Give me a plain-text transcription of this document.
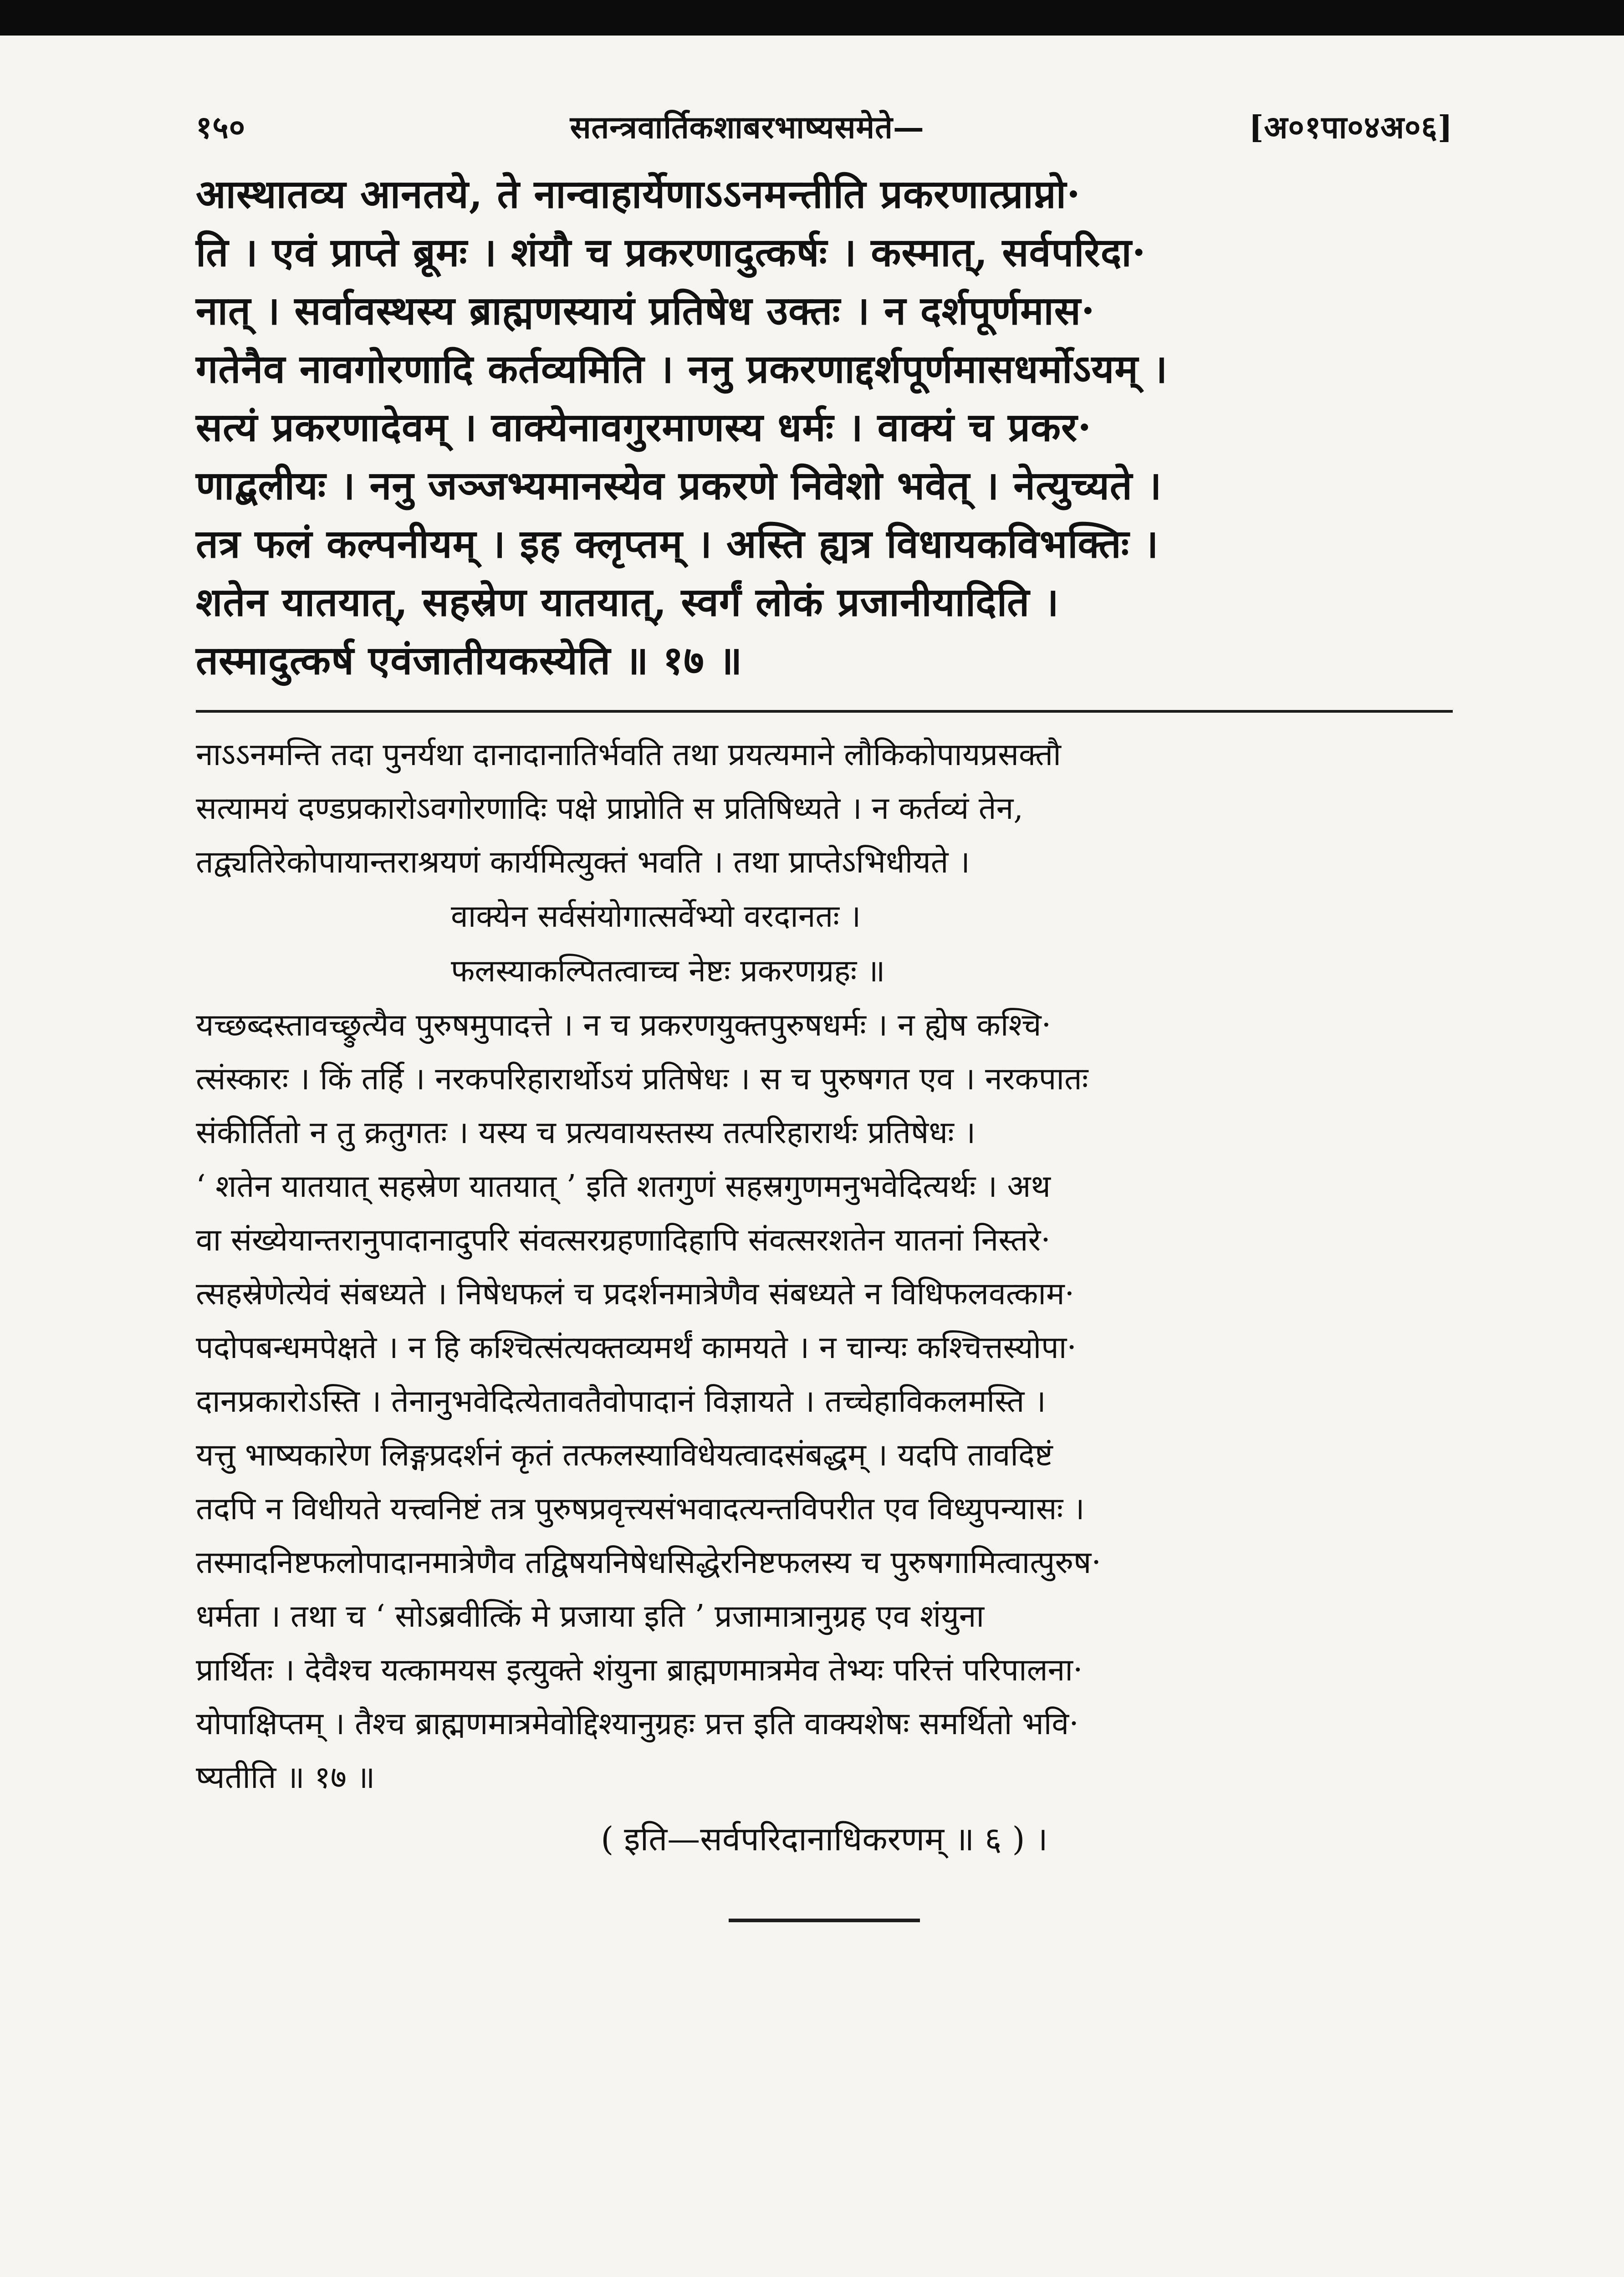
१५०	सतन्त्रवार्तिकशाबरभाष्यसमेते—	[अ०१पा०४अ०६]
आस्थातव्य आनतये, ते नान्वाहार्येणाऽऽनमन्तीति प्रकरणात्प्राप्नो·
ति । एवं प्राप्ते ब्रूमः । शंयौ च प्रकरणादुत्कर्षः । कस्मात्, सर्वपरिदा·
नात् । सर्वावस्थस्य ब्राह्मणस्यायं प्रतिषेध उक्तः । न दर्शपूर्णमास·
गतेनैव नावगोरणादि कर्तव्यमिति । ननु प्रकरणाद्दर्शपूर्णमासधर्मोऽयम् ।
सत्यं प्रकरणादेवम् । वाक्येनावगुरमाणस्य धर्मः । वाक्यं च प्रकर·
णाद्बलीयः । ननु जञ्जभ्यमानस्येव प्रकरणे निवेशो भवेत् । नेत्युच्यते ।
तत्र फलं कल्पनीयम् । इह क्लृप्तम् । अस्ति ह्यत्र विधायकविभक्तिः ।
शतेन यातयात्, सहस्रेण यातयात्, स्वर्गं लोकं प्रजानीयादिति ।
तस्मादुत्कर्ष एवंजातीयकस्येति ॥ १७ ॥
नाऽऽनमन्ति तदा पुनर्यथा दानादानातिर्भवति तथा प्रयत्यमाने लौकिकोपायप्रसक्तौ
सत्यामयं दण्डप्रकारोऽवगोरणादिः पक्षे प्राप्नोति स प्रतिषिध्यते । न कर्तव्यं तेन,
तद्व्यतिरेकोपायान्तराश्रयणं कार्यमित्युक्तं भवति । तथा प्राप्तेऽभिधीयते ।
वाक्येन सर्वसंयोगात्सर्वेभ्यो वरदानतः ।
फलस्याकल्पितत्वाच्च नेष्टः प्रकरणग्रहः ॥
यच्छब्दस्तावच्छ्रुत्यैव पुरुषमुपादत्ते । न च प्रकरणयुक्तपुरुषधर्मः । न ह्येष कश्चि·
त्संस्कारः । किं तर्हि । नरकपरिहारार्थोऽयं प्रतिषेधः । स च पुरुषगत एव । नरकपातः
संकीर्तितो न तु क्रतुगतः । यस्य च प्रत्यवायस्तस्य तत्परिहारार्थः प्रतिषेधः ।
‘ शतेन यातयात् सहस्रेण यातयात् ’ इति शतगुणं सहस्रगुणमनुभवेदित्यर्थः । अथ
वा संख्येयान्तरानुपादानादुपरि संवत्सरग्रहणादिहापि संवत्सरशतेन यातनां निस्तरे·
त्सहस्रेणेत्येवं संबध्यते । निषेधफलं च प्रदर्शनमात्रेणैव संबध्यते न विधिफलवत्काम·
पदोपबन्धमपेक्षते । न हि कश्चित्संत्यक्तव्यमर्थं कामयते । न चान्यः कश्चित्तस्योपा·
दानप्रकारोऽस्ति । तेनानुभवेदित्येतावतैवोपादानं विज्ञायते । तच्चेहाविकलमस्ति ।
यत्तु भाष्यकारेण लिङ्गप्रदर्शनं कृतं तत्फलस्याविधेयत्वादसंबद्धम् । यदपि तावदिष्टं
तदपि न विधीयते यत्त्वनिष्टं तत्र पुरुषप्रवृत्त्यसंभवादत्यन्तविपरीत एव विध्युपन्यासः ।
तस्मादनिष्टफलोपादानमात्रेणैव तद्विषयनिषेधसिद्धेरनिष्टफलस्य च पुरुषगामित्वात्पुरुष·
धर्मता । तथा च ‘ सोऽब्रवीत्किं मे प्रजाया इति ’ प्रजामात्रानुग्रह एव शंयुना
प्रार्थितः । देवैश्च यत्कामयस इत्युक्ते शंयुना ब्राह्मणमात्रमेव तेभ्यः परित्तं परिपालना·
योपाक्षिप्तम् । तैश्च ब्राह्मणमात्रमेवोद्दिश्यानुग्रहः प्रत्त इति वाक्यशेषः समर्थितो भवि·
ष्यतीति ॥ १७ ॥
( इति—सर्वपरिदानाधिकरणम् ॥ ६ ) ।
